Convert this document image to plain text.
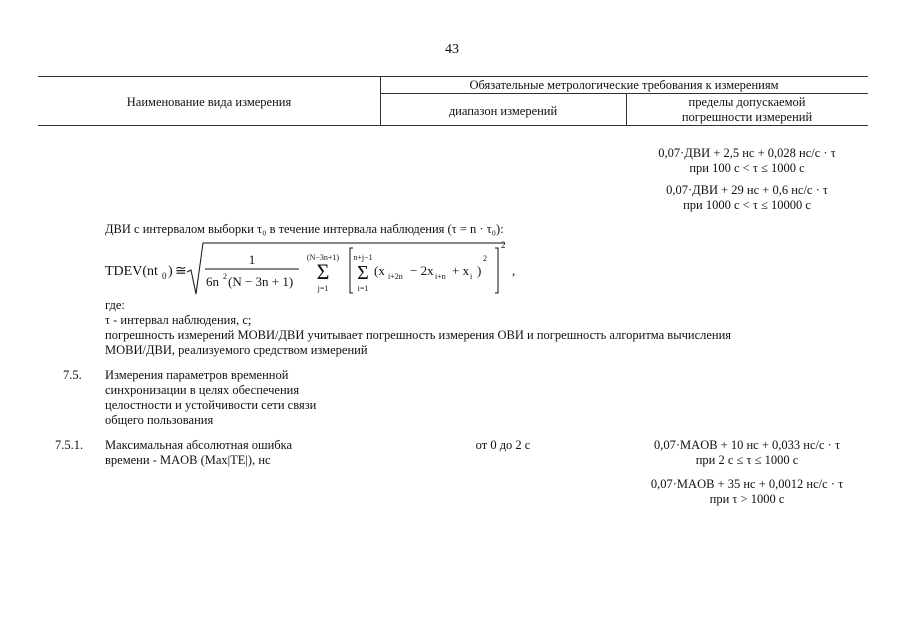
43
Наименование вида измерения
Обязательные метрологические требования к измерениям
диапазон измерений
пределы допускаемой
погрешности измерений
0,07·ДВИ + 2,5 нс + 0,028 нс/с · τ
при 100 с < τ ≤ 1000 с
0,07·ДВИ + 29 нс + 0,6 нс/с · τ
при 1000 с < τ ≤ 10000 с
ДВИ с интервалом выборки τ₀ в течение интервала наблюдения (τ = n · τ₀):
TDEV(nt 0 ) ≅
1
6n 2 (N − 3n + 1)
(N−3n+1)
Σ
j=1
n+j−1
Σ
i=1
(x i+2n − 2x i+n + x i )
2
2
,
где:
τ - интервал наблюдения, с;
погрешность измерений МОВИ/ДВИ учитывает погрешность измерения ОВИ и погрешность алгоритма вычисления
МОВИ/ДВИ, реализуемого средством измерений
7.5. Измерения параметров временной
синхронизации в целях обеспечения
целостности и устойчивости сети связи
общего пользования
7.5.1. Максимальная абсолютная ошибка
времени - MAOB (Max|TE|), нс
от 0 до 2 с	0,07·MAOB + 10 нс + 0,033 нс/с · τ
при 2 с ≤ τ ≤ 1000 с
0,07·MAOB + 35 нс + 0,0012 нс/с · τ
при τ > 1000 с
